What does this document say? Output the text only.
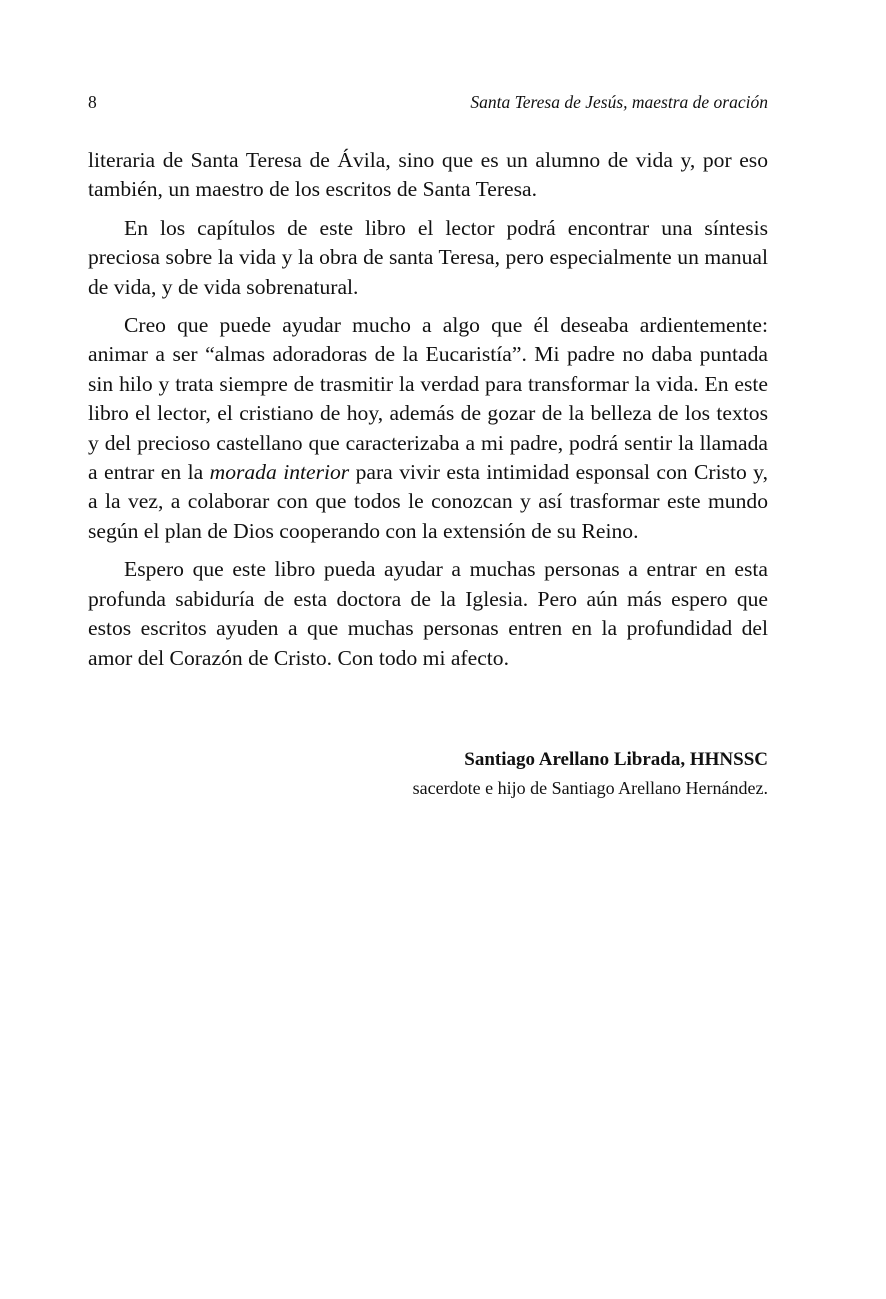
8	Santa Teresa de Jesús, maestra de oración

literaria de Santa Teresa de Ávila, sino que es un alumno de vida y, por eso también, un maestro de los escritos de Santa Teresa.

En los capítulos de este libro el lector podrá encontrar una síntesis preciosa sobre la vida y la obra de santa Teresa, pero especialmente un manual de vida, y de vida sobrenatural.

Creo que puede ayudar mucho a algo que él deseaba ardientemente: animar a ser “almas adoradoras de la Eucaristía”. Mi padre no daba puntada sin hilo y trata siempre de trasmitir la verdad para transformar la vida. En este libro el lector, el cristiano de hoy, además de gozar de la belleza de los textos y del precioso castellano que caracterizaba a mi padre, podrá sentir la llamada a entrar en la morada interior para vivir esta intimidad esponsal con Cristo y, a la vez, a colaborar con que todos le conozcan y así trasformar este mundo según el plan de Dios cooperando con la extensión de su Reino.

Espero que este libro pueda ayudar a muchas personas a entrar en esta profunda sabiduría de esta doctora de la Iglesia. Pero aún más espero que estos escritos ayuden a que muchas personas entren en la profundidad del amor del Corazón de Cristo. Con todo mi afecto.

Santiago Arellano Librada, HHNSSC
sacerdote e hijo de Santiago Arellano Hernández.
